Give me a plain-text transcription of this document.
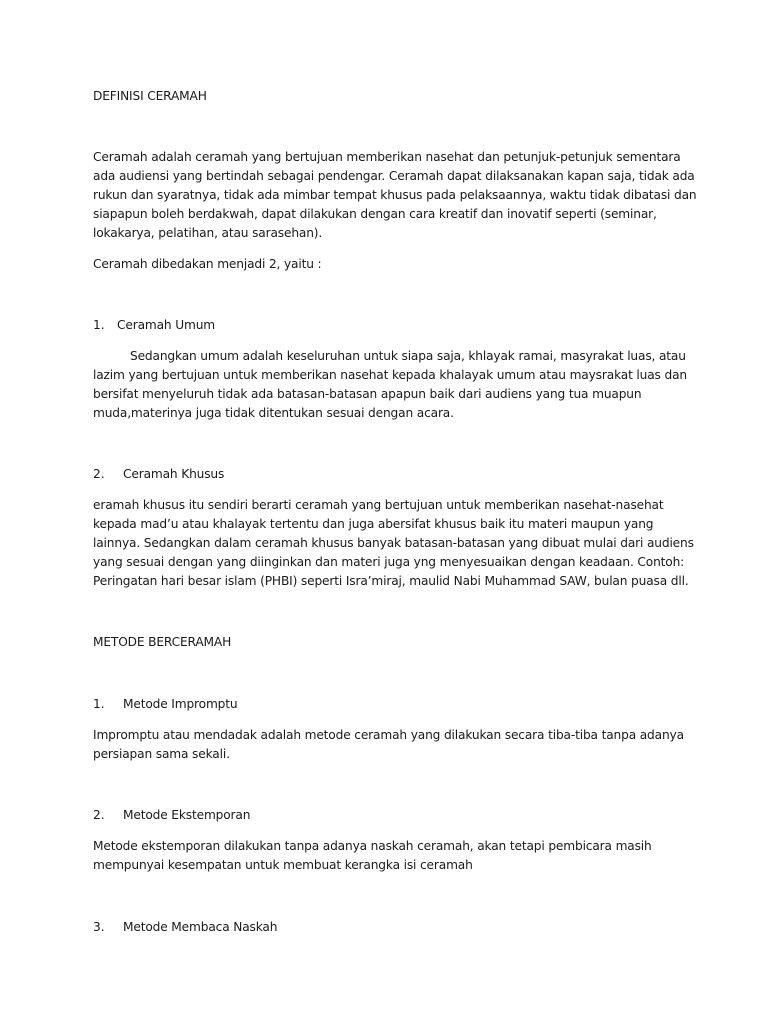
DEFINISI CERAMAH
Ceramah adalah ceramah yang bertujuan memberikan nasehat dan petunjuk-petunjuk sementara
ada audiensi yang bertindah sebagai pendengar. Ceramah dapat dilaksanakan kapan saja, tidak ada
rukun dan syaratnya, tidak ada mimbar tempat khusus pada pelaksaannya, waktu tidak dibatasi dan
siapapun boleh berdakwah, dapat dilakukan dengan cara kreatif dan inovatif seperti (seminar,
lokakarya, pelatihan, atau sarasehan).
Ceramah dibedakan menjadi 2, yaitu :
1. Ceramah Umum
Sedangkan umum adalah keseluruhan untuk siapa saja, khlayak ramai, masyrakat luas, atau
lazim yang bertujuan untuk memberikan nasehat kepada khalayak umum atau maysrakat luas dan
bersifat menyeluruh tidak ada batasan-batasan apapun baik dari audiens yang tua muapun
muda,materinya juga tidak ditentukan sesuai dengan acara.
2. Ceramah Khusus
eramah khusus itu sendiri berarti ceramah yang bertujuan untuk memberikan nasehat-nasehat
kepada mad’u atau khalayak tertentu dan juga abersifat khusus baik itu materi maupun yang
lainnya. Sedangkan dalam ceramah khusus banyak batasan-batasan yang dibuat mulai dari audiens
yang sesuai dengan yang diinginkan dan materi juga yng menyesuaikan dengan keadaan. Contoh:
Peringatan hari besar islam (PHBI) seperti Isra’miraj, maulid Nabi Muhammad SAW, bulan puasa dll.
METODE BERCERAMAH
1. Metode Impromptu
Impromptu atau mendadak adalah metode ceramah yang dilakukan secara tiba-tiba tanpa adanya
persiapan sama sekali.
2. Metode Ekstemporan
Metode ekstemporan dilakukan tanpa adanya naskah ceramah, akan tetapi pembicara masih
mempunyai kesempatan untuk membuat kerangka isi ceramah
3. Metode Membaca Naskah
